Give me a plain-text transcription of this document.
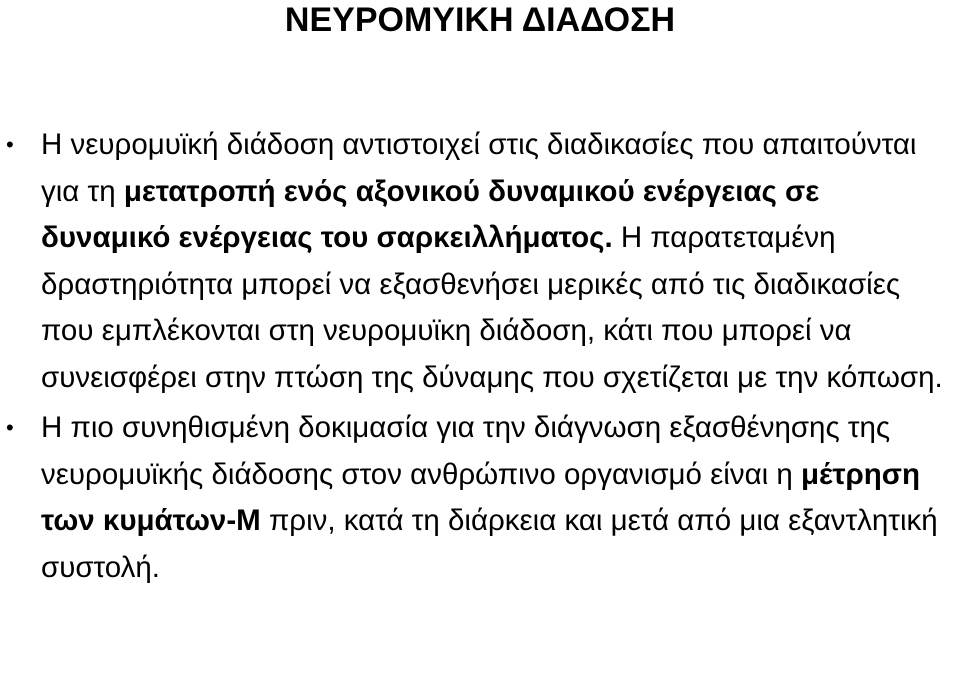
ΝΕΥΡΟΜΥΙΚΗ ΔΙΑΔΟΣΗ
• Η νευρομυϊκή διάδοση αντιστοιχεί στις διαδικασίες που απαιτούνται για τη μετατροπή ενός αξονικού δυναμικού ενέργειας σε δυναμικό ενέργειας του σαρκειλλήματος. Η παρατεταμένη δραστηριότητα μπορεί να εξασθενήσει μερικές από τις διαδικασίες που εμπλέκονται στη νευρομυϊκη διάδοση, κάτι που μπορεί να συνεισφέρει στην πτώση της δύναμης που σχετίζεται με την κόπωση.
• Η πιο συνηθισμένη δοκιμασία για την διάγνωση εξασθένησης της νευρομυϊκής διάδοσης στον ανθρώπινο οργανισμό είναι η μέτρηση των κυμάτων-Μ πριν, κατά τη διάρκεια και μετά από μια εξαντλητική συστολή.
